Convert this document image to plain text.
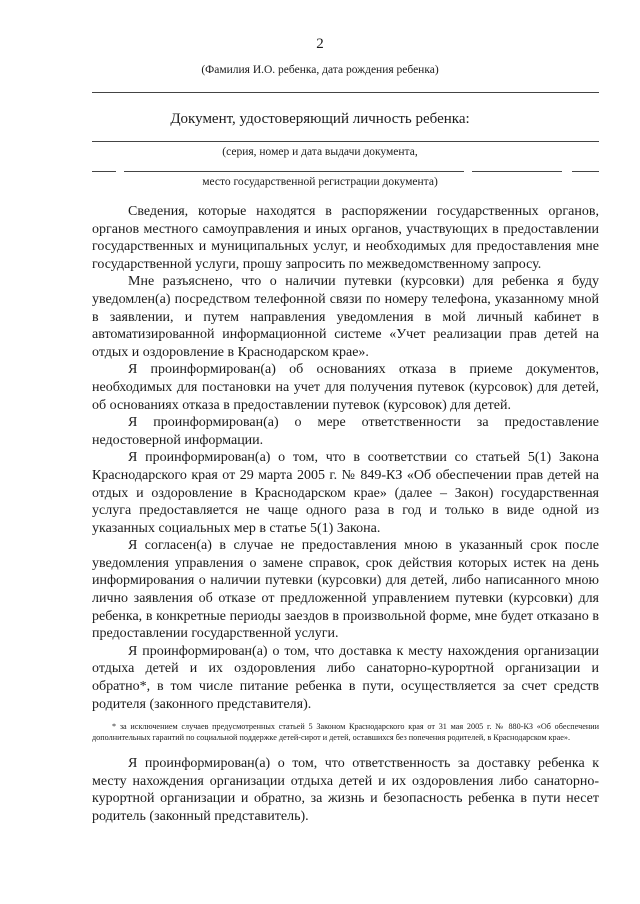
2
(Фамилия И.О. ребенка, дата рождения ребенка)
Документ, удостоверяющий личность ребенка:
(серия, номер и дата выдачи документа,
место государственной регистрации документа)

Сведения, которые находятся в распоряжении государственных органов, органов местного самоуправления и иных органов, участвующих в предоставлении государственных и муниципальных услуг, и необходимых для предоставления мне государственной услуги, прошу запросить по межведомственному запросу.

Мне разъяснено, что о наличии путевки (курсовки) для ребенка я буду уведомлен(а) посредством телефонной связи по номеру телефона, указанному мной в заявлении, и путем направления уведомления в мой личный кабинет в автоматизированной информационной системе «Учет реализации прав детей на отдых и оздоровление в Краснодарском крае».

Я проинформирован(а) об основаниях отказа в приеме документов, необходимых для постановки на учет для получения путевок (курсовок) для детей, об основаниях отказа в предоставлении путевок (курсовок) для детей.

Я проинформирован(а) о мере ответственности за предоставление недостоверной информации.

Я проинформирован(а) о том, что в соответствии со статьей 5(1) Закона Краснодарского края от 29 марта 2005 г. № 849-КЗ «Об обеспечении прав детей на отдых и оздоровление в Краснодарском крае» (далее – Закон) государственная услуга предоставляется не чаще одного раза в год и только в виде одной из указанных социальных мер в статье 5(1) Закона.

Я согласен(а) в случае не предоставления мною в указанный срок после уведомления управления о замене справок, срок действия которых истек на день информирования о наличии путевки (курсовки) для детей, либо написанного мною лично заявления об отказе от предложенной управлением путевки (курсовки) для ребенка, в конкретные периоды заездов в произвольной форме, мне будет отказано в предоставлении государственной услуги.

Я проинформирован(а) о том, что доставка к месту нахождения организации отдыха детей и их оздоровления либо санаторно-курортной организации и обратно*, в том числе питание ребенка в пути, осуществляется за счет средств родителя (законного представителя).

* за исключением случаев предусмотренных статьей 5 Законом Краснодарского края от 31 мая 2005 г. № 880-КЗ «Об обеспечении дополнительных гарантий по социальной поддержке детей-сирот и детей, оставшихся без попечения родителей, в Краснодарском крае».

Я проинформирован(а) о том, что ответственность за доставку ребенка к месту нахождения организации отдыха детей и их оздоровления либо санаторно-курортной организации и обратно, за жизнь и безопасность ребенка в пути несет родитель (законный представитель).
